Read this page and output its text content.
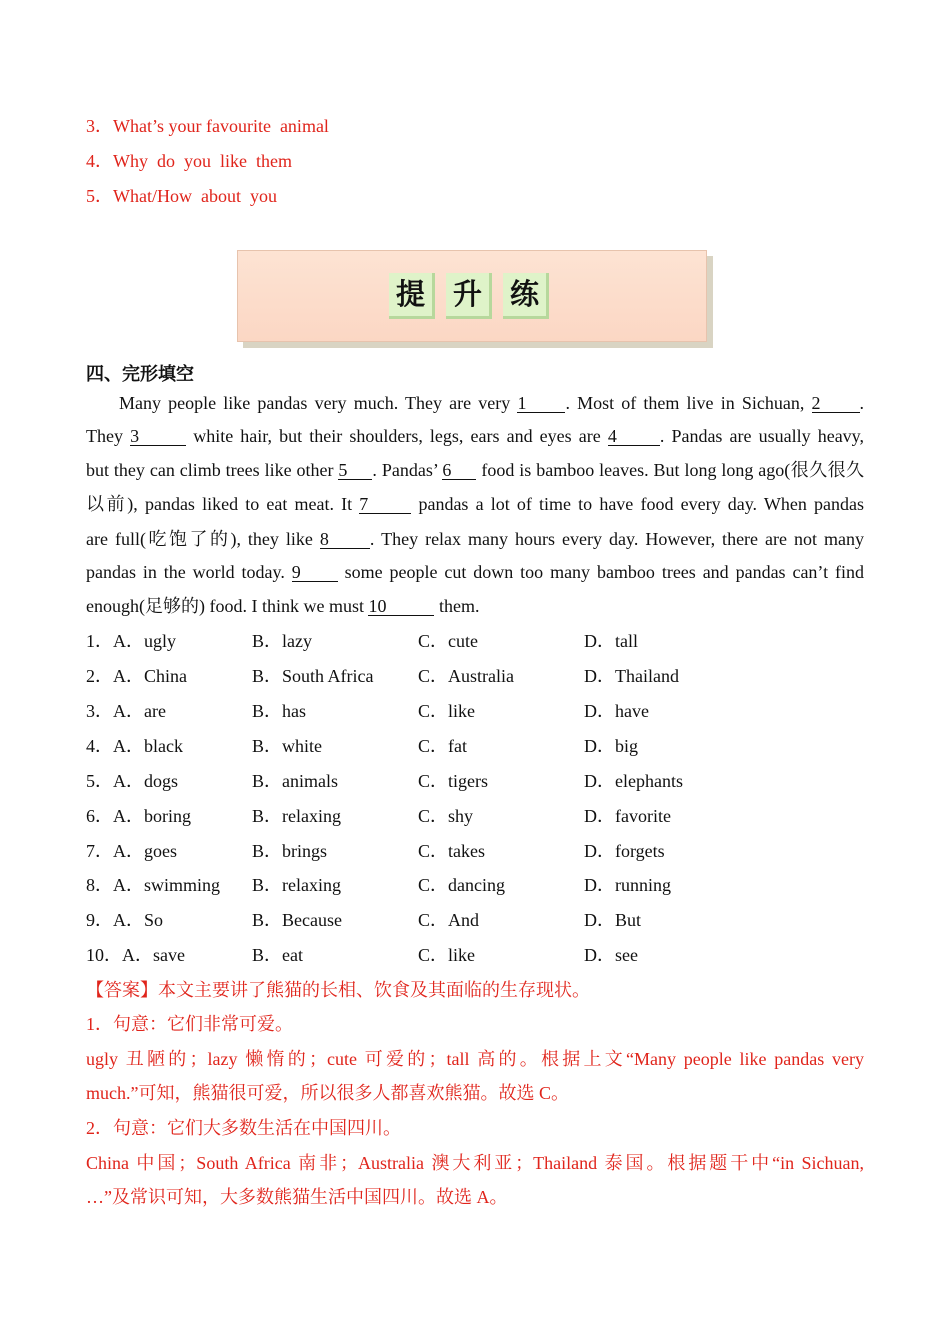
3．What’s your favourite  animal
4．Why  do  you  like  them
5．What/How  about  you
提 升 练
四、完形填空
Many people like pandas very much. They are very 1 . Most of them live in Sichuan, 2 .
They 3	white hair, but their shoulders, legs, ears and eyes are 4 . Pandas are usually heavy,
but they can climb trees like other 5 . Pandas’ 6 food is bamboo leaves. But long long ago(很久很久
以前), pandas liked to eat meat. It 7 pandas a lot of time to have food every day. When pandas
are full(吃饱了的), they like 8 . They relax many hours every day. However, there are not many
pandas in the world today. 9 some people cut down too many bamboo trees and pandas can’t find
enough(足够的) food. I think we must 10	them.
1．A．ugly	B．lazy	C．cute	D．tall
2．A．China	B．South Africa C．Australia	D．Thailand
3．A．are	B．has	C．like	D．have
4．A．black	B．white	C．fat	D．big
5．A．dogs	B．animals	C．tigers	D．elephants
6．A．boring	B．relaxing	C．shy	D．favorite
7．A．goes	B．brings	C．takes	D．forgets
8．A．swimming B．relaxing	C．dancing	D．running
9．A．So	B．Because	C．And	D．But
10．A．save	B．eat	C．like	D．see
【答案】本文主要讲了熊猫的长相、饮食及其面临的生存现状。
1．句意：它们非常可爱。
ugly 丑陋的；lazy 懒惰的；cute 可爱的；tall 高的。根据上文“Many people like pandas very
much.”可知，熊猫很可爱，所以很多人都喜欢熊猫。故选 C。
2．句意：它们大多数生活在中国四川。
China 中国；South Africa 南非；Australia 澳大利亚；Thailand 泰国。根据题干中“in Sichuan,
…”及常识可知，大多数熊猫生活中国四川。故选 A。
